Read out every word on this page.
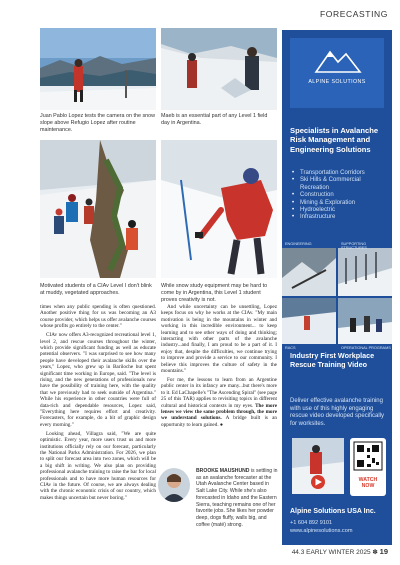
FORECASTING
Juan Pablo Lopez tests the camera on the snow slope above Refugio Lopez after routine maintenance.
Maeb is an essential part of any Level 1 field day in Argentina.
Motivated students of a CIAv Level I don't blink at muddy, vegetated approaches.
While snow study equipment may be hard to come by in Argentina, this Level 1 student proves creativity is not.

times when any public spending is often questioned. Another positive thing for us was becoming an A3 course provider, which helps us offer avalanche courses whose profits go entirely to the center."

CIAv now offers A3-recognized recreational level 1, level 2, and rescue courses throughout the winter, which provide significant funding as well as educate potential observers. "I was surprised to see how many people have developed their avalanche skills over the years," Lopez, who grew up in Bariloche but spent significant time working in Europe, said. "The level is rising, and the new generations of professionals now have the possibility of training here, with the quality that we previously had to seek outside of Argentina." While his experience in other countries were full of data-rich and dependable resources, Lopez said, "Everything here requires effort and creativity. Forecasters, for example, do a bit of graphic design every morning."

Looking ahead, Villagra said, "We are quite optimistic. Every year, more users trust us and more institutions officially rely on our forecast, particularly the National Parks Administration. For 2026, we plan to split our forecast area into two zones, which will be a big shift in writing. We also plan on providing professional avalanche training to raise the bar for local professionals and to have more human resources for CIAv in the future. Of course, we are always dealing with the chronic economic crisis of our country, which makes things uncertain but never boring."

And while uncertainty can be unsettling, Lopez keeps focus on why he works at the CIAv. "My main motivation is being in the mountains in winter and working in this incredible environment... to keep learning and to see other ways of doing and thinking; interacting with other parts of the avalanche industry...and finally, I am proud to be a part of it. I enjoy that, despite the difficulties, we continue trying to improve and provide a service to our community. I believe this improves the culture of safety in the mountains."

For me, the lessons to learn from an Argentine public center in its infancy are many...but there's more to it. Ed LaChapelle's "The Ascending Spiral" (see page 25 of this TAR) applies to revisiting topics in different cultural and historical contexts in my eyes. The more lenses we view the same problem through, the more we understand solutions. A bridge built is an opportunity to learn gained. ●

BROOKE MAUSHUND is settling in as an avalanche forecaster at the Utah Avalanche Center based in Salt Lake City. While she's also forecasted in Idaho and the Eastern Sierra, teaching remains one of her favorite jobs. She likes her powder deep, dogs fluffy, walls big, and coffee (maté) strong.
ALPINE SOLUTIONS
Specialists in Avalanche Risk Management and Engineering Solutions
• Transportation Corridors
• Ski Hills & Commercial Recreation
• Construction
• Mining & Exploration
• Hydroelectric
• Infrastructure
ENGINEERING	SUPPORTING STRUCTURES
RACS	OPERATIONAL PROGRAMS
Industry First Workplace Rescue Training Video
Deliver effective avalanche training with use of this highly engaging rescue video developed specifically for worksites.
WATCH NOW
Alpine Solutions USA Inc.
+1 604 892 9101
www.alpinesolutions.com
44.3 EARLY WINTER 2025 ✽ 19
